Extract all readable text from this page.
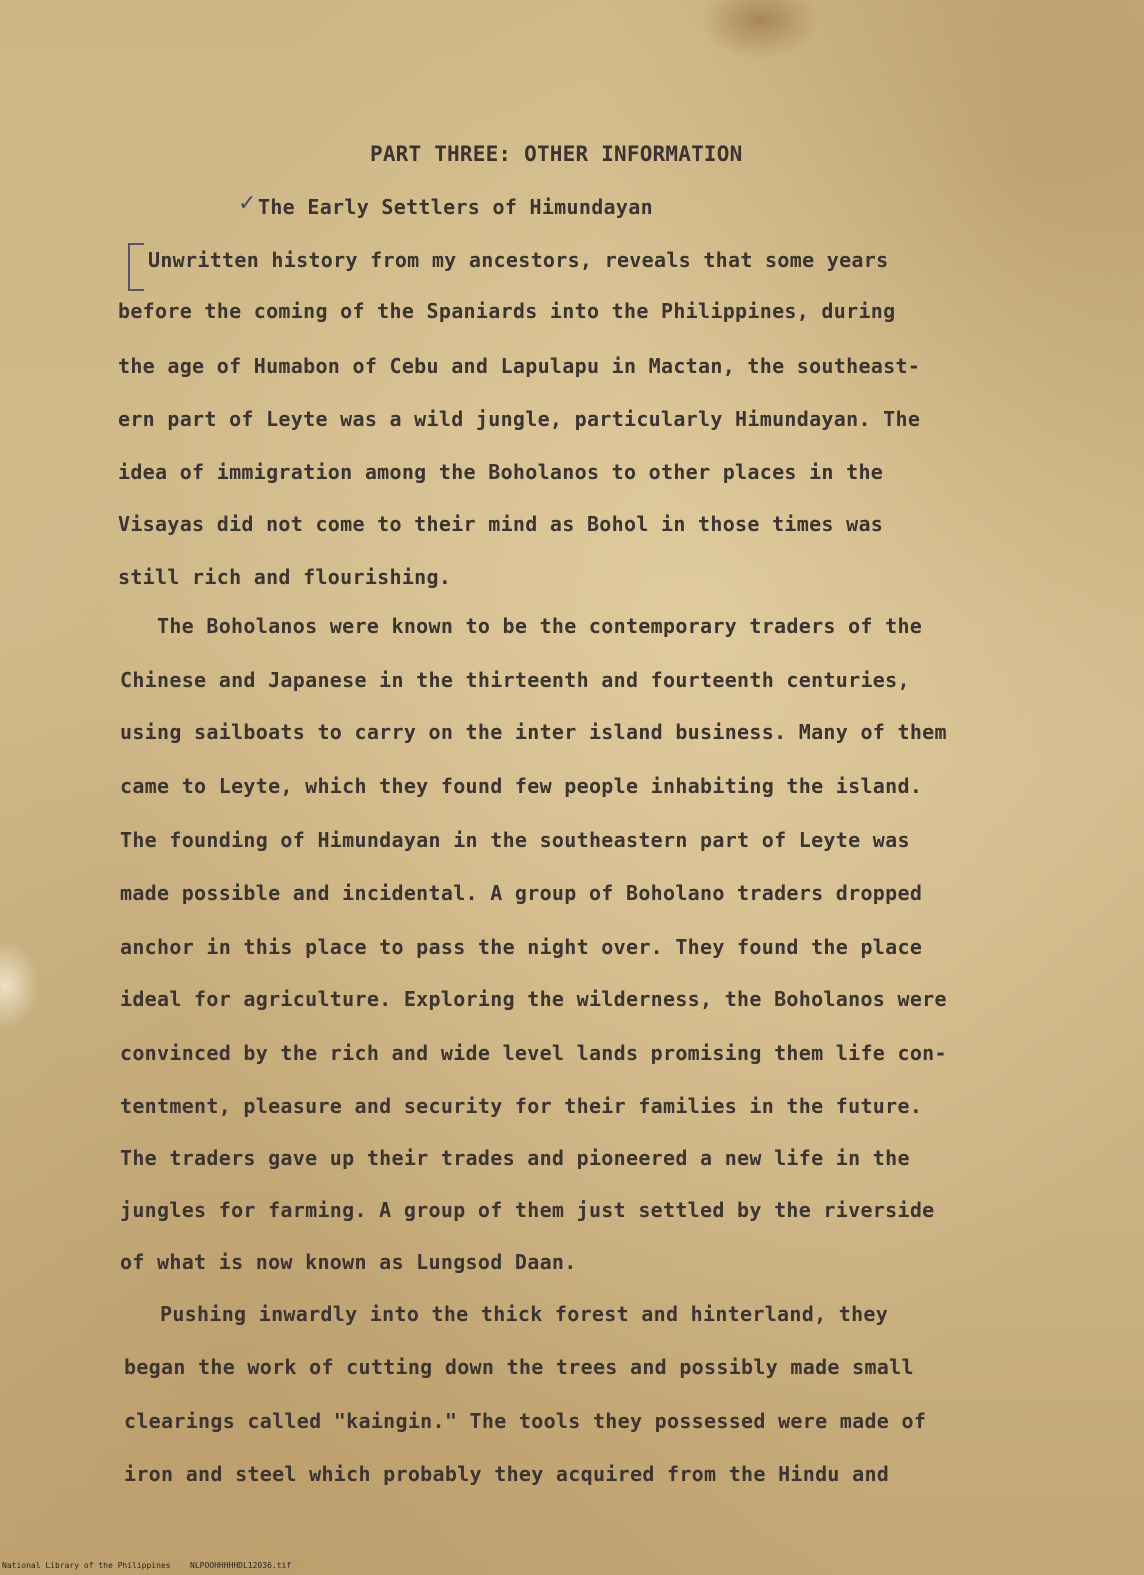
PART THREE: OTHER INFORMATION
✓ The Early Settlers of Himundayan
Unwritten history from my ancestors, reveals that some years
before the coming of the Spaniards into the Philippines, during
the age of Humabon of Cebu and Lapulapu in Mactan, the southeast-
ern part of Leyte was a wild jungle, particularly Himundayan. The
idea of immigration among the Boholanos to other places in the
Visayas did not come to their mind as Bohol in those times was
still rich and flourishing.
The Boholanos were known to be the contemporary traders of the
Chinese and Japanese in the thirteenth and fourteenth centuries,
using sailboats to carry on the inter island business. Many of them
came to Leyte, which they found few people inhabiting the island.
The founding of Himundayan in the southeastern part of Leyte was
made possible and incidental. A group of Boholano traders dropped
anchor in this place to pass the night over. They found the place
ideal for agriculture. Exploring the wilderness, the Boholanos were
convinced by the rich and wide level lands promising them life con-
tentment, pleasure and security for their families in the future.
The traders gave up their trades and pioneered a new life in the
jungles for farming. A group of them just settled by the riverside
of what is now known as Lungsod Daan.
Pushing inwardly into the thick forest and hinterland, they
began the work of cutting down the trees and possibly made small
clearings called "kaingin." The tools they possessed were made of
iron and steel which probably they acquired from the Hindu and
National Library of the Philippines NLPOOHHHHHDL12036.tif
